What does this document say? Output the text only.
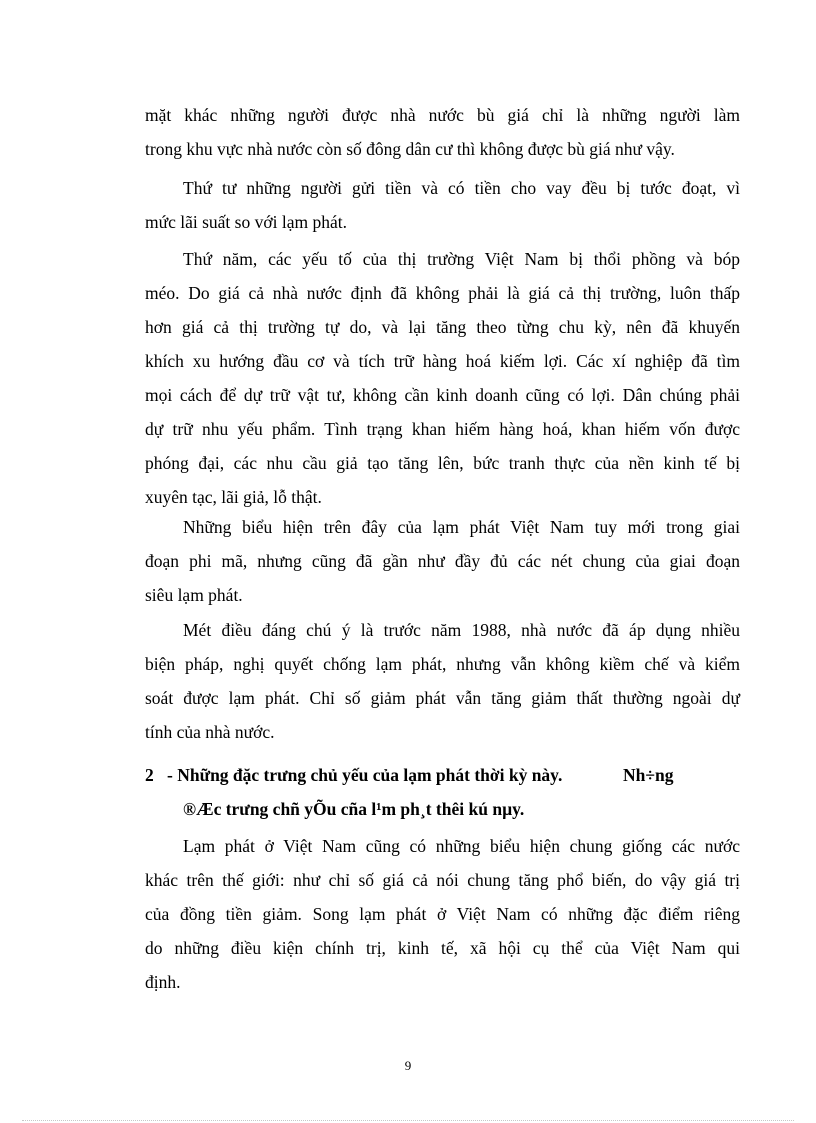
mặt khác những người được nhà nước bù giá chỉ là những người làm
trong khu vực nhà nước còn số đông dân cư thì không được bù giá như vậy.

Thứ tư những người gửi tiền và có tiền cho vay đều bị tước đoạt, vì
mức lãi suất so với lạm phát.

Thứ năm, các yếu tố của thị trường Việt Nam bị thổi phồng và bóp
méo. Do giá cả nhà nước định đã không phải là giá cả thị trường, luôn thấp
hơn giá cả thị trường tự do, và lại tăng theo từng chu kỳ, nên đã khuyến
khích xu hướng đầu cơ và tích trữ hàng hoá kiếm lợi. Các xí nghiệp đã tìm
mọi cách để dự trữ vật tư, không cần kinh doanh cũng có lợi. Dân chúng phải
dự trữ nhu yếu phẩm. Tình trạng khan hiếm hàng hoá, khan hiếm vốn được
phóng đại, các nhu cầu giả tạo tăng lên, bức tranh thực của nền kinh tế bị
xuyên tạc, lãi giả, lỗ thật.

Những biểu hiện trên đây của lạm phát Việt Nam tuy mới trong giai
đoạn phi mã, nhưng cũng đã gần như đầy đủ các nét chung của giai đoạn
siêu lạm phát.

Mét điều đáng chú ý là trước năm 1988, nhà nước đã áp dụng nhiều
biện pháp, nghị quyết chống lạm phát, nhưng vẫn không kiềm chế và kiểm
soát được lạm phát. Chỉ số giảm phát vẫn tăng giảm thất thường ngoài dự
tính của nhà nước.

2 - Những đặc trưng chủ yếu của lạm phát thời kỳ này.	Nh÷ng
®Æc trưng chñ yÕu cña l¹m ph¸t thêi kú nµy.

Lạm phát ở Việt Nam cũng có những biểu hiện chung giống các nước
khác trên thế giới: như chỉ số giá cả nói chung tăng phổ biến, do vậy giá trị
của đồng tiền giảm. Song lạm phát ở Việt Nam có những đặc điểm riêng
do những điều kiện chính trị, kinh tế, xã hội cụ thể của Việt Nam qui
định.

9
